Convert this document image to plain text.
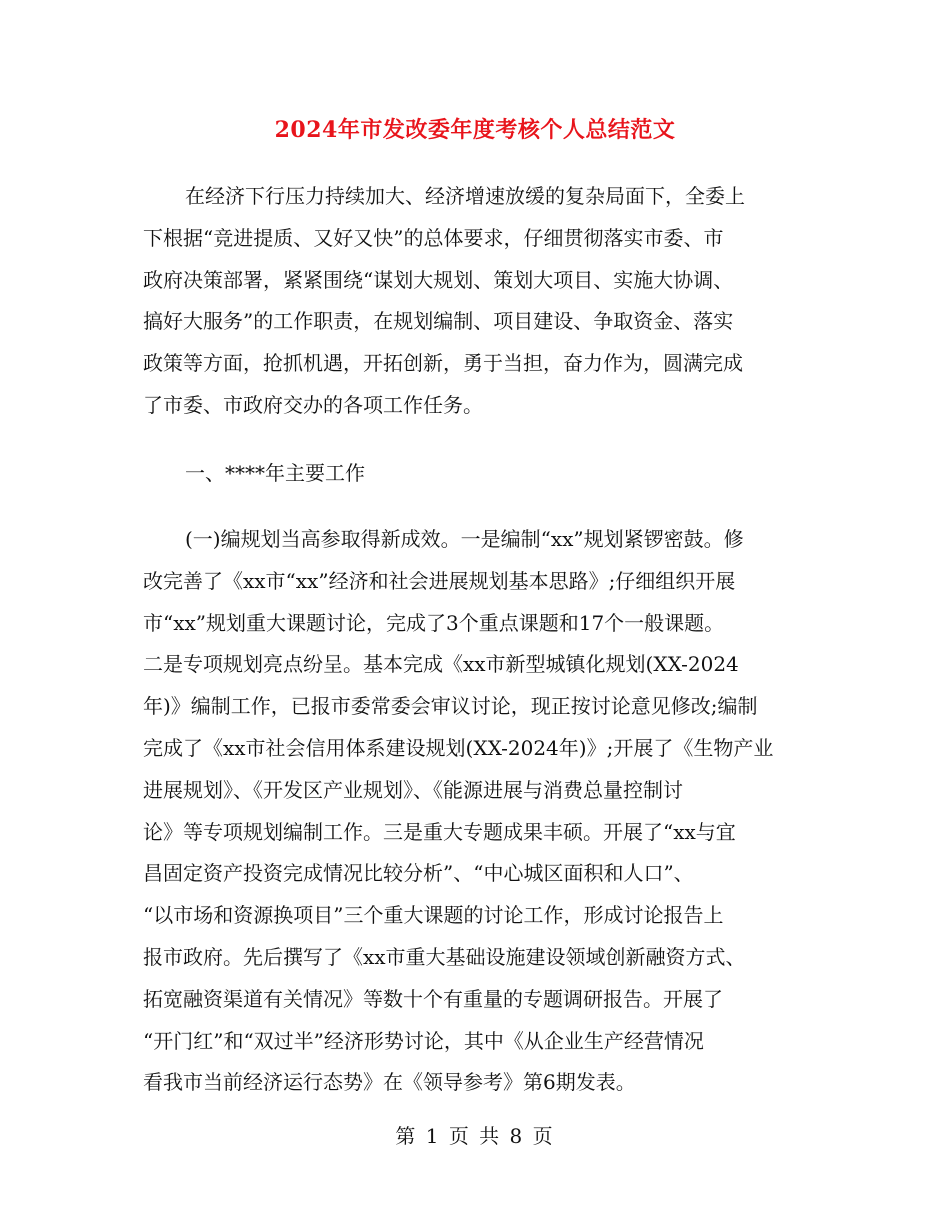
2024年市发改委年度考核个人总结范文
在经济下行压力持续加大、经济增速放缓的复杂局面下，全委上
下根据“竞进提质、又好又快”的总体要求，仔细贯彻落实市委、市
政府决策部署，紧紧围绕“谋划大规划、策划大项目、实施大协调、
搞好大服务”的工作职责，在规划编制、项目建设、争取资金、落实
政策等方面，抢抓机遇，开拓创新，勇于当担，奋力作为，圆满完成
了市委、市政府交办的各项工作任务。
一、****年主要工作
(一)编规划当高参取得新成效。一是编制“xx”规划紧锣密鼓。修
改完善了《xx市“xx”经济和社会进展规划基本思路》;仔细组织开展
市“xx”规划重大课题讨论，完成了3个重点课题和17个一般课题。
二是专项规划亮点纷呈。基本完成《xx市新型城镇化规划(XX-2024
年)》编制工作，已报市委常委会审议讨论，现正按讨论意见修改;编制
完成了《xx市社会信用体系建设规划(XX-2024年)》;开展了《生物产业
进展规划》、《开发区产业规划》、《能源进展与消费总量控制讨
论》等专项规划编制工作。三是重大专题成果丰硕。开展了“xx与宜
昌固定资产投资完成情况比较分析”、“中心城区面积和人口”、
“以市场和资源换项目”三个重大课题的讨论工作，形成讨论报告上
报市政府。先后撰写了《xx市重大基础设施建设领域创新融资方式、
拓宽融资渠道有关情况》等数十个有重量的专题调研报告。开展了
“开门红”和“双过半”经济形势讨论，其中《从企业生产经营情况
看我市当前经济运行态势》在《领导参考》第6期发表。
第 1 页 共 8 页
